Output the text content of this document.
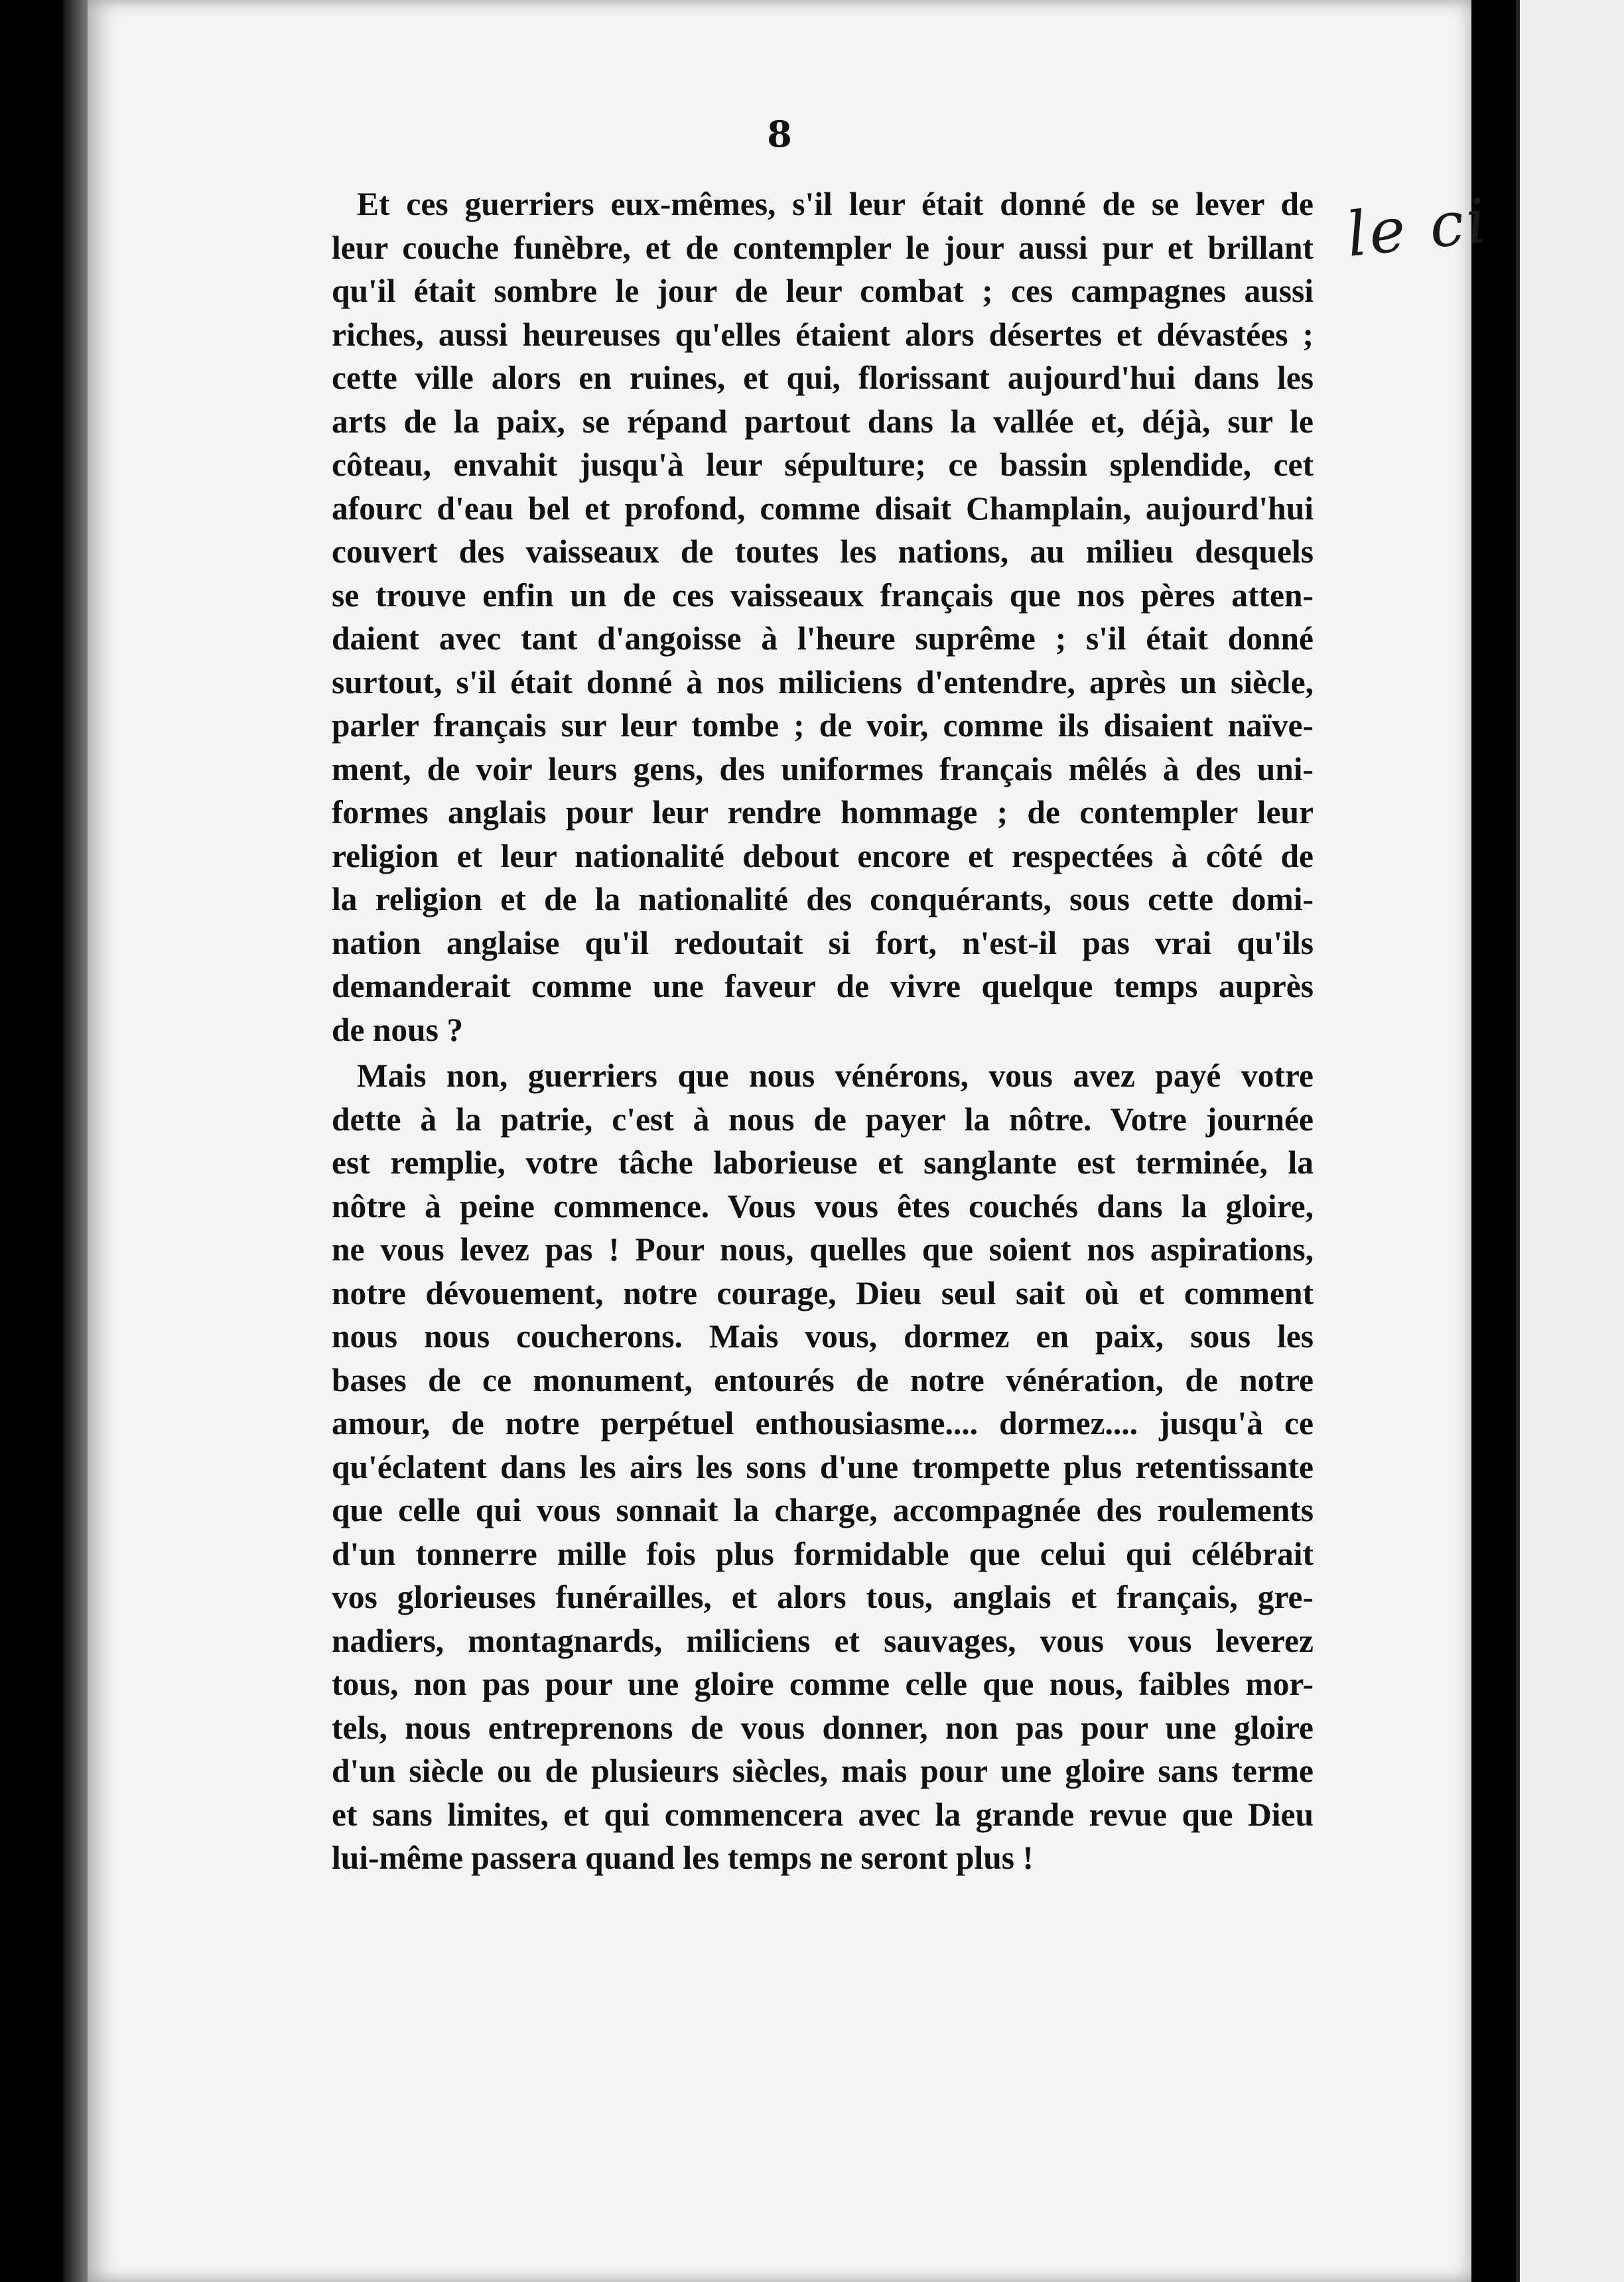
8
le ci
Et ces guerriers eux-mêmes, s'il leur était donné de se lever de
leur couche funèbre, et de contempler le jour aussi pur et brillant
qu'il était sombre le jour de leur combat ; ces campagnes aussi
riches, aussi heureuses qu'elles étaient alors désertes et dévastées ;
cette ville alors en ruines, et qui, florissant aujourd'hui dans les
arts de la paix, se répand partout dans la vallée et, déjà, sur le
côteau, envahit jusqu'à leur sépulture; ce bassin splendide, cet
afourc d'eau bel et profond, comme disait Champlain, aujourd'hui
couvert des vaisseaux de toutes les nations, au milieu desquels
se trouve enfin un de ces vaisseaux français que nos pères atten-
daient avec tant d'angoisse à l'heure suprême ; s'il était donné
surtout, s'il était donné à nos miliciens d'entendre, après un siècle,
parler français sur leur tombe ; de voir, comme ils disaient naïve-
ment, de voir leurs gens, des uniformes français mêlés à des uni-
formes anglais pour leur rendre hommage ; de contempler leur
religion et leur nationalité debout encore et respectées à côté de
la religion et de la nationalité des conquérants, sous cette domi-
nation anglaise qu'il redoutait si fort, n'est-il pas vrai qu'ils
demanderait comme une faveur de vivre quelque temps auprès
de nous ?
Mais non, guerriers que nous vénérons, vous avez payé votre
dette à la patrie, c'est à nous de payer la nôtre. Votre journée
est remplie, votre tâche laborieuse et sanglante est terminée, la
nôtre à peine commence. Vous vous êtes couchés dans la gloire,
ne vous levez pas ! Pour nous, quelles que soient nos aspirations,
notre dévouement, notre courage, Dieu seul sait où et comment
nous nous coucherons. Mais vous, dormez en paix, sous les
bases de ce monument, entourés de notre vénération, de notre
amour, de notre perpétuel enthousiasme.... dormez.... jusqu'à ce
qu'éclatent dans les airs les sons d'une trompette plus retentissante
que celle qui vous sonnait la charge, accompagnée des roulements
d'un tonnerre mille fois plus formidable que celui qui célébrait
vos glorieuses funérailles, et alors tous, anglais et français, gre-
nadiers, montagnards, miliciens et sauvages, vous vous leverez
tous, non pas pour une gloire comme celle que nous, faibles mor-
tels, nous entreprenons de vous donner, non pas pour une gloire
d'un siècle ou de plusieurs siècles, mais pour une gloire sans terme
et sans limites, et qui commencera avec la grande revue que Dieu
lui-même passera quand les temps ne seront plus !
